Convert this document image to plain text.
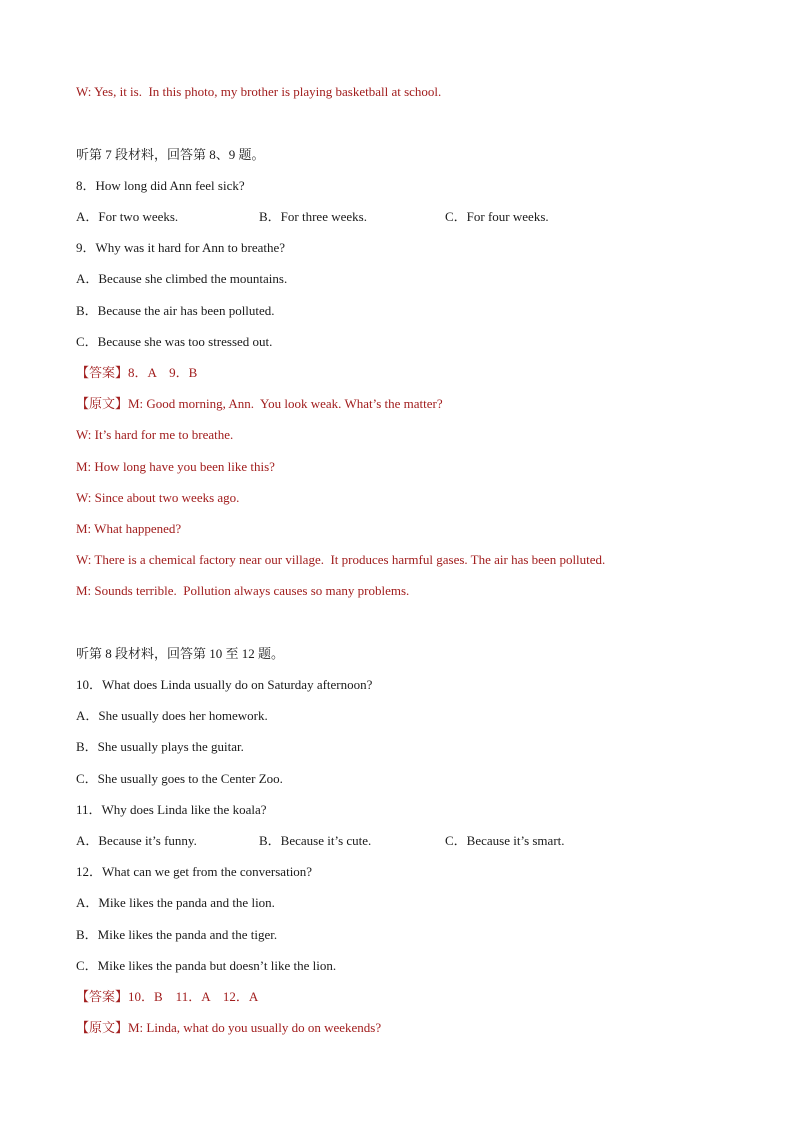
W: Yes, it is.  In this photo, my brother is playing basketball at school.
听第 7 段材料，回答第 8、9 题。
8．How long did Ann feel sick?

A．For two weeks.

	B．For three weeks.

	C．For four weeks.

9．Why was it hard for Ann to breathe?
A．Because she climbed the mountains.
B．Because the air has been polluted.
C．Because she was too stressed out.
【答案】8．A    9．B
【原文】M: Good morning, Ann.  You look weak. What’s the matter?
W: It’s hard for me to breathe.
M: How long have you been like this?
W: Since about two weeks ago.
M: What happened?
W: There is a chemical factory near our village.  It produces harmful gases. The air has been polluted.
M: Sounds terrible.  Pollution always causes so many problems.
听第 8 段材料，回答第 10 至 12 题。
10．What does Linda usually do on Saturday afternoon?
A．She usually does her homework.
B．She usually plays the guitar.
C．She usually goes to the Center Zoo.
11．Why does Linda like the koala?

A．Because it’s funny.

	B．Because it’s cute.

	C．Because it’s smart.

12．What can we get from the conversation?
A．Mike likes the panda and the lion.
B．Mike likes the panda and the tiger.
C．Mike likes the panda but doesn’t like the lion.
【答案】10．B    11．A    12．A
【原文】M: Linda, what do you usually do on weekends?
